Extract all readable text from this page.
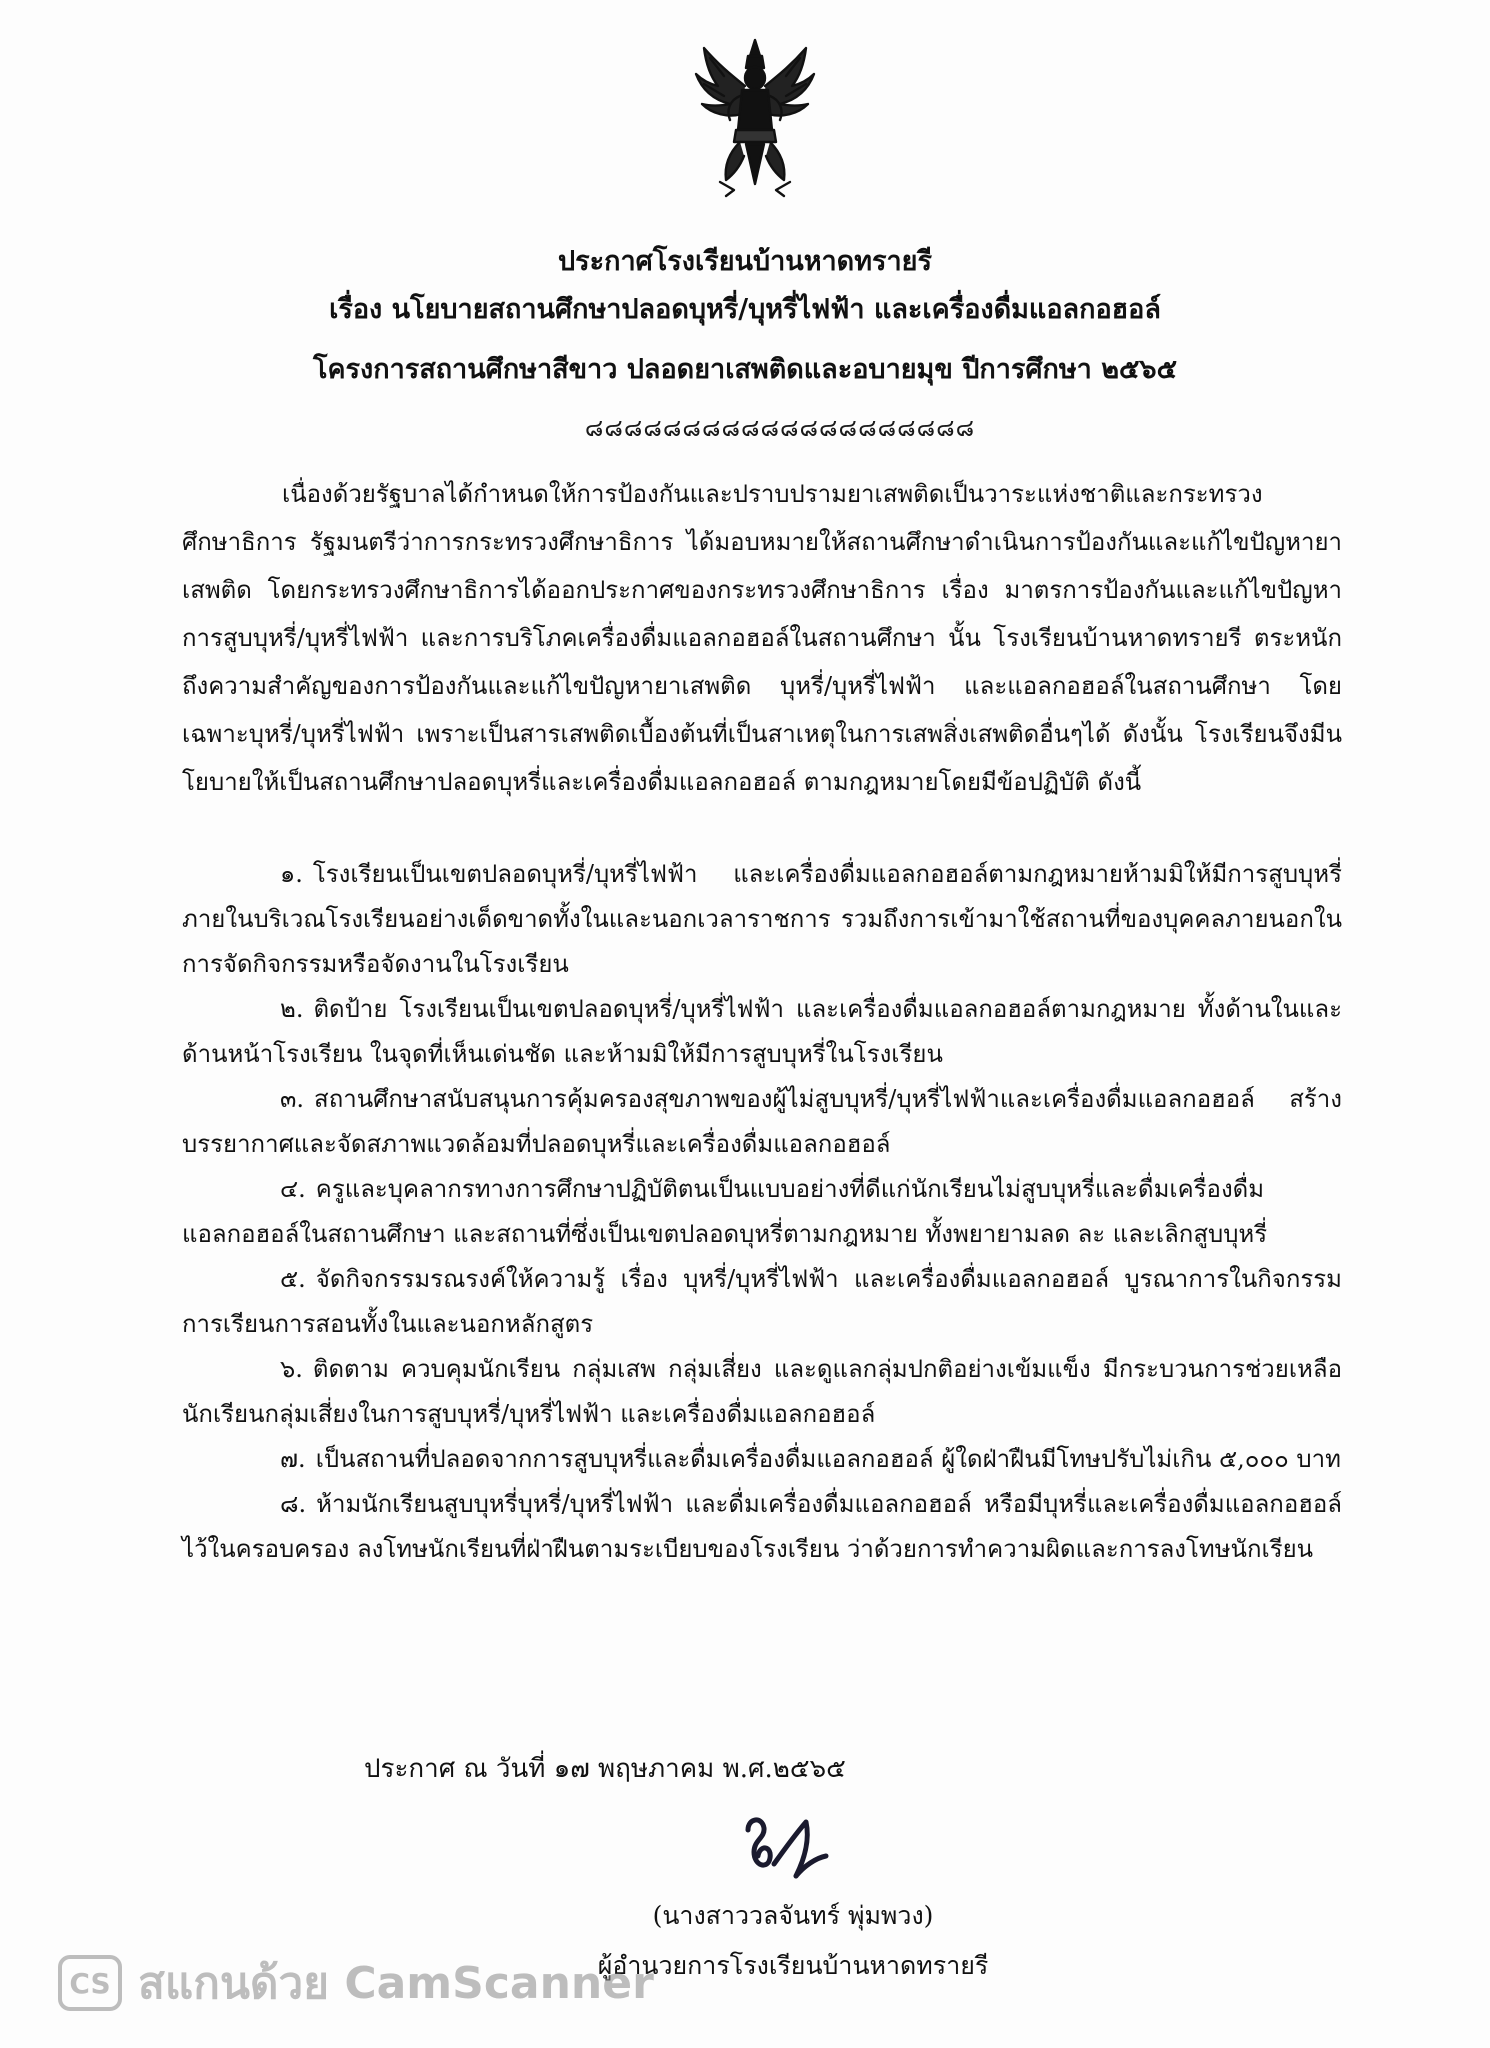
ประกาศโรงเรียนบ้านหาดทรายรี
เรื่อง นโยบายสถานศึกษาปลอดบุหรี่/บุหรี่ไฟฟ้า และเครื่องดื่มแอลกอฮอล์
โครงการสถานศึกษาสีขาว ปลอดยาเสพติดและอบายมุข ปีการศึกษา ๒๕๖๕
๘๘๘๘๘๘๘๘๘๘๘๘๘๘๘๘๘๘๘๘

เนื่องด้วยรัฐบาลได้กำหนดให้การป้องกันและปราบปรามยาเสพติดเป็นวาระแห่งชาติและกระทรวงศึกษาธิการ รัฐมนตรีว่าการกระทรวงศึกษาธิการ ได้มอบหมายให้สถานศึกษาดำเนินการป้องกันและแก้ไขปัญหายาเสพติด โดยกระทรวงศึกษาธิการได้ออกประกาศของกระทรวงศึกษาธิการ เรื่อง มาตรการป้องกันและแก้ไขปัญหาการสูบบุหรี่/บุหรี่ไฟฟ้า และการบริโภคเครื่องดื่มแอลกอฮอล์ในสถานศึกษา นั้น โรงเรียนบ้านหาดทรายรี ตระหนักถึงความสำคัญของการป้องกันและแก้ไขปัญหายาเสพติด บุหรี่/บุหรี่ไฟฟ้า และแอลกอฮอล์ในสถานศึกษา โดยเฉพาะบุหรี่/บุหรี่ไฟฟ้า เพราะเป็นสารเสพติดเบื้องต้นที่เป็นสาเหตุในการเสพสิ่งเสพติดอื่นๆได้ ดังนั้น โรงเรียนจึงมีนโยบายให้เป็นสถานศึกษาปลอดบุหรี่และเครื่องดื่มแอลกอฮอล์ ตามกฎหมายโดยมีข้อปฏิบัติ ดังนี้

๑. โรงเรียนเป็นเขตปลอดบุหรี่/บุหรี่ไฟฟ้า และเครื่องดื่มแอลกอฮอล์ตามกฎหมายห้ามมิให้มีการสูบบุหรี่ภายในบริเวณโรงเรียนอย่างเด็ดขาดทั้งในและนอกเวลาราชการ รวมถึงการเข้ามาใช้สถานที่ของบุคคลภายนอกในการจัดกิจกรรมหรือจัดงานในโรงเรียน

๒. ติดป้าย โรงเรียนเป็นเขตปลอดบุหรี่/บุหรี่ไฟฟ้า และเครื่องดื่มแอลกอฮอล์ตามกฎหมาย ทั้งด้านในและด้านหน้าโรงเรียน ในจุดที่เห็นเด่นชัด และห้ามมิให้มีการสูบบุหรี่ในโรงเรียน

๓. สถานศึกษาสนับสนุนการคุ้มครองสุขภาพของผู้ไม่สูบบุหรี่/บุหรี่ไฟฟ้าและเครื่องดื่มแอลกอฮอล์ สร้างบรรยากาศและจัดสภาพแวดล้อมที่ปลอดบุหรี่และเครื่องดื่มแอลกอฮอล์

๔. ครูและบุคลากรทางการศึกษาปฏิบัติตนเป็นแบบอย่างที่ดีแก่นักเรียนไม่สูบบุหรี่และดื่มเครื่องดื่มแอลกอฮอล์ในสถานศึกษา และสถานที่ซึ่งเป็นเขตปลอดบุหรี่ตามกฎหมาย ทั้งพยายามลด ละ และเลิกสูบบุหรี่

๕. จัดกิจกรรมรณรงค์ให้ความรู้ เรื่อง บุหรี่/บุหรี่ไฟฟ้า และเครื่องดื่มแอลกอฮอล์ บูรณาการในกิจกรรมการเรียนการสอนทั้งในและนอกหลักสูตร

๖. ติดตาม ควบคุมนักเรียน กลุ่มเสพ กลุ่มเสี่ยง และดูแลกลุ่มปกติอย่างเข้มแข็ง มีกระบวนการช่วยเหลือนักเรียนกลุ่มเสี่ยงในการสูบบุหรี่/บุหรี่ไฟฟ้า และเครื่องดื่มแอลกอฮอล์

๗. เป็นสถานที่ปลอดจากการสูบบุหรี่และดื่มเครื่องดื่มแอลกอฮอล์ ผู้ใดฝ่าฝืนมีโทษปรับไม่เกิน ๕,๐๐๐ บาท

๘. ห้ามนักเรียนสูบบุหรี่บุหรี่/บุหรี่ไฟฟ้า และดื่มเครื่องดื่มแอลกอฮอล์ หรือมีบุหรี่และเครื่องดื่มแอลกอฮอล์ไว้ในครอบครอง ลงโทษนักเรียนที่ฝ่าฝืนตามระเบียบของโรงเรียน ว่าด้วยการทำความผิดและการลงโทษนักเรียน

ประกาศ ณ วันที่ ๑๗ พฤษภาคม พ.ศ.๒๕๖๕
(นางสาววลจันทร์ พุ่มพวง)
ผู้อำนวยการโรงเรียนบ้านหาดทรายรี
CS สแกนด้วย CamScanner
